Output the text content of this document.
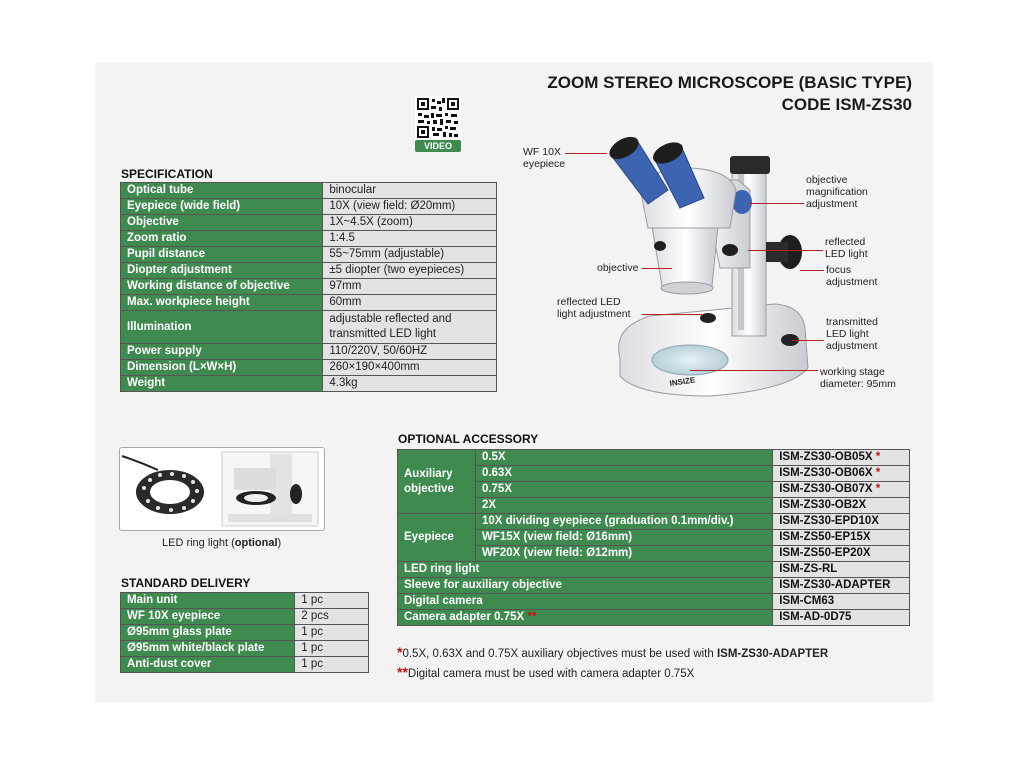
ZOOM STEREO MICROSCOPE (BASIC TYPE)
CODE ISM-ZS30
VIDEO
SPECIFICATION
Optical tube	binocular
Eyepiece (wide field)	10X (view field: Ø20mm)
Objective	1X~4.5X (zoom)
Zoom ratio	1:4.5
Pupil distance	55~75mm (adjustable)
Diopter adjustment	±5 diopter (two eyepieces)
Working distance of objective	97mm
Max. workpiece height	60mm
Illumination	adjustable reflected and
transmitted LED light

Power supply	110/220V, 50/60HZ
Dimension (L×W×H)	260×190×400mm
Weight	4.3kg	INSIZE
WF 10X
eyepiece
objective
magnification
adjustment
reflected
LED light
objective	focus
adjustment
reflected LED
light adjustment
transmitted
LED light
adjustment
working stage
diameter: 95mm
LED ring light (optional)
STANDARD DELIVERY
Main unit	1 pc
WF 10X eyepiece	2 pcs
Ø95mm glass plate	1 pc
Ø95mm white/black plate	1 pc
Anti-dust cover	1 pc
OPTIONAL ACCESSORY
Auxiliary
objective	0.5X	ISM-ZS30-OB05X *
	0.63X	ISM-ZS30-OB06X *
	0.75X	ISM-ZS30-OB07X *
	2X	ISM-ZS30-OB2X
Eyepiece	10X dividing eyepiece (graduation 0.1mm/div.)	ISM-ZS30-EPD10X
	WF15X (view field: Ø16mm)	ISM-ZS50-EP15X
	WF20X (view field: Ø12mm)	ISM-ZS50-EP20X
LED ring light		ISM-ZS-RL
Sleeve for auxiliary objective		ISM-ZS30-ADAPTER
Digital camera		ISM-CM63
Camera adapter 0.75X **		ISM-AD-0D75
*0.5X, 0.63X and 0.75X auxiliary objectives must be used with ISM-ZS30-ADAPTER
**Digital camera must be used with camera adapter 0.75X
